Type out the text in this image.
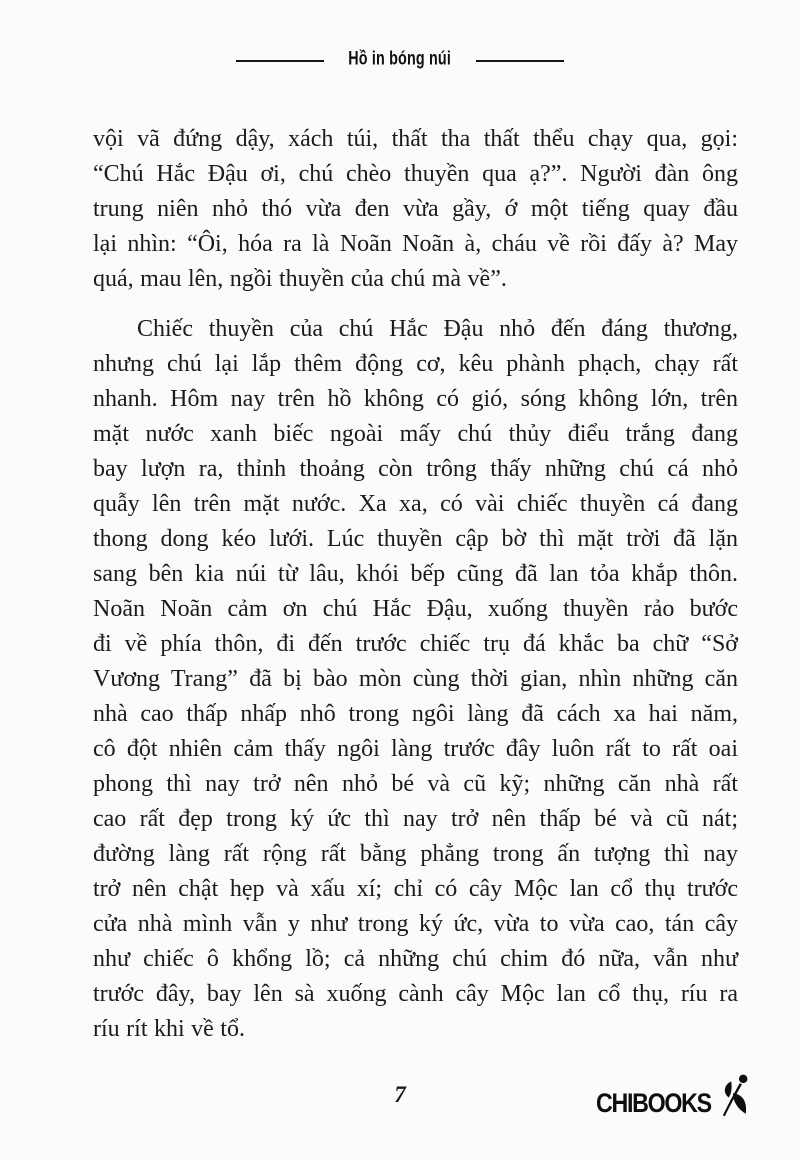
Hồ in bóng núi
vội vã đứng dậy, xách túi, thất tha thất thểu chạy qua, gọi:
“Chú Hắc Đậu ơi, chú chèo thuyền qua ạ?”. Người đàn ông
trung niên nhỏ thó vừa đen vừa gầy, ớ một tiếng quay đầu
lại nhìn: “Ôi, hóa ra là Noãn Noãn à, cháu về rồi đấy à? May
quá, mau lên, ngồi thuyền của chú mà về”.
Chiếc thuyền của chú Hắc Đậu nhỏ đến đáng thương,
nhưng chú lại lắp thêm động cơ, kêu phành phạch, chạy rất
nhanh. Hôm nay trên hồ không có gió, sóng không lớn, trên
mặt nước xanh biếc ngoài mấy chú thủy điểu trắng đang
bay lượn ra, thỉnh thoảng còn trông thấy những chú cá nhỏ
quẫy lên trên mặt nước. Xa xa, có vài chiếc thuyền cá đang
thong dong kéo lưới. Lúc thuyền cập bờ thì mặt trời đã lặn
sang bên kia núi từ lâu, khói bếp cũng đã lan tỏa khắp thôn.
Noãn Noãn cảm ơn chú Hắc Đậu, xuống thuyền rảo bước
đi về phía thôn, đi đến trước chiếc trụ đá khắc ba chữ “Sở
Vương Trang” đã bị bào mòn cùng thời gian, nhìn những căn
nhà cao thấp nhấp nhô trong ngôi làng đã cách xa hai năm,
cô đột nhiên cảm thấy ngôi làng trước đây luôn rất to rất oai
phong thì nay trở nên nhỏ bé và cũ kỹ; những căn nhà rất
cao rất đẹp trong ký ức thì nay trở nên thấp bé và cũ nát;
đường làng rất rộng rất bằng phẳng trong ấn tượng thì nay
trở nên chật hẹp và xấu xí; chỉ có cây Mộc lan cổ thụ trước
cửa nhà mình vẫn y như trong ký ức, vừa to vừa cao, tán cây
như chiếc ô khổng lồ; cả những chú chim đó nữa, vẫn như
trước đây, bay lên sà xuống cành cây Mộc lan cổ thụ, ríu ra
ríu rít khi về tổ.
7	CHIBOOKS
